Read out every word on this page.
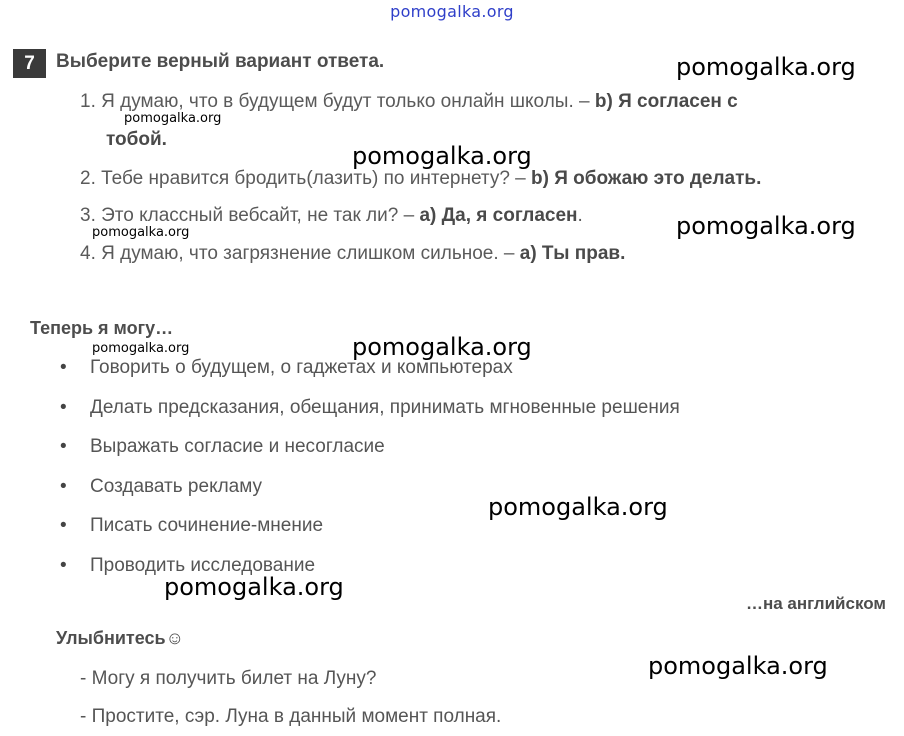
pomogalka.org
7	Выберите верный вариант ответа.
1. Я думаю, что в будущем будут только онлайн школы. – b) Я согласен с
тобой.
2. Тебе нравится бродить(лазить) по интернету? – b) Я обожаю это делать.
3. Это классный вебсайт, не так ли? – a) Да, я согласен.
4. Я думаю, что загрязнение слишком сильное. – a) Ты прав.
Теперь я могу…
• Говорить о будущем, о гаджетах и компьютерах
• Делать предсказания, обещания, принимать мгновенные решения
• Выражать согласие и несогласие
• Создавать рекламу
• Писать сочинение-мнение
• Проводить исследование
…на английском
Улыбнитесь☺
- Могу я получить билет на Луну?
- Простите, сэр. Луна в данный момент полная.
pomogalka.org
pomogalka.org
pomogalka.org
pomogalka.org
pomogalka.org
pomogalka.org	pomogalka.org
pomogalka.org
pomogalka.org
pomogalka.org
